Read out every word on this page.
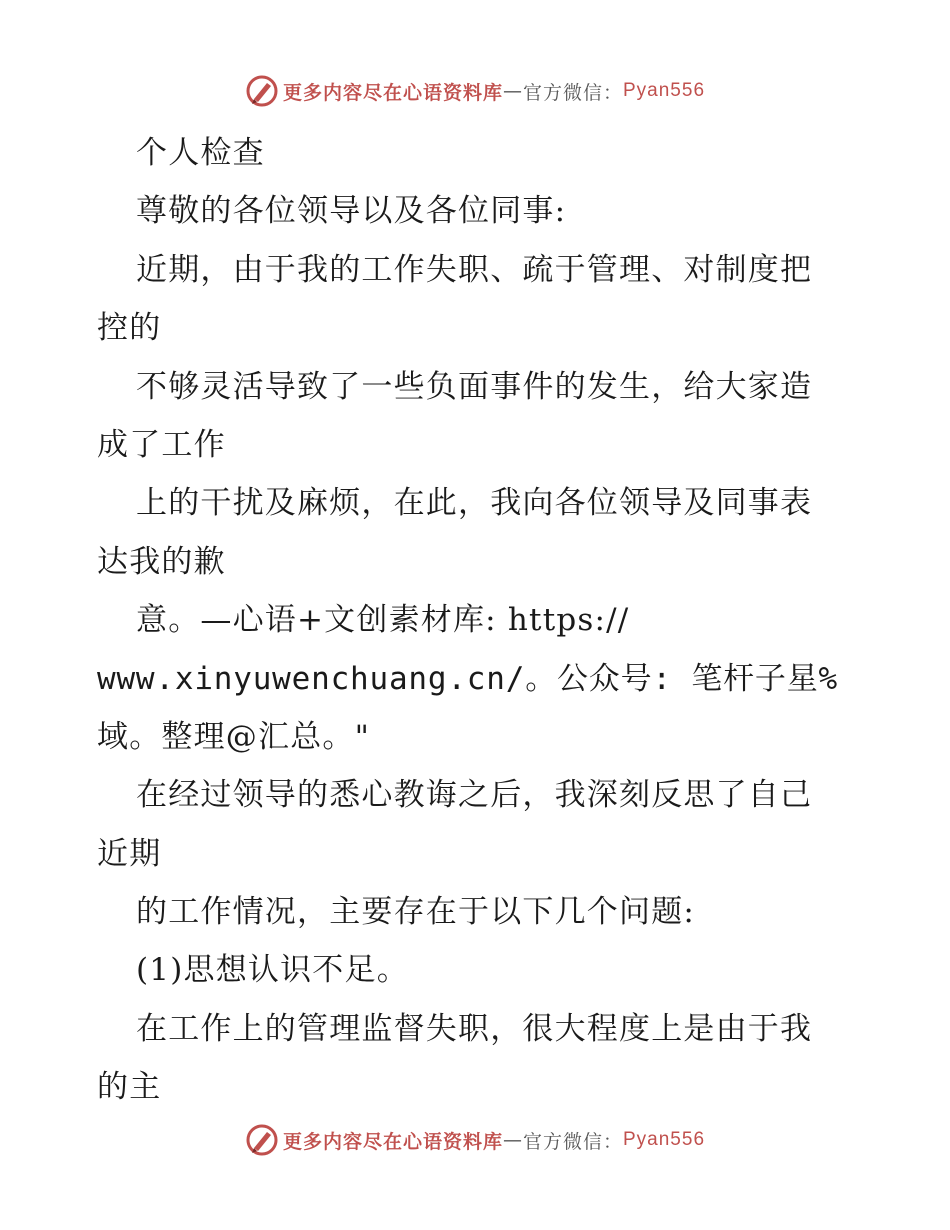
更多内容尽在心语资料库 — 官方微信： Pyan556
个人检查
尊敬的各位领导以及各位同事:
近期，由于我的工作失职、疏于管理、对制度把
控的
不够灵活导致了一些负面事件的发生，给大家造
成了工作
上的干扰及麻烦，在此，我向各位领导及同事表
达我的歉
意。—心语+文创素材库: https://
www.xinyuwenchuang.cn/。公众号: 笔杆子星%
域。整理@汇总。"
在经过领导的悉心教诲之后，我深刻反思了自己
近期
的工作情况，主要存在于以下几个问题:
(1)思想认识不足。
在工作上的管理监督失职，很大程度上是由于我
的主
更多内容尽在心语资料库 — 官方微信： Pyan556
